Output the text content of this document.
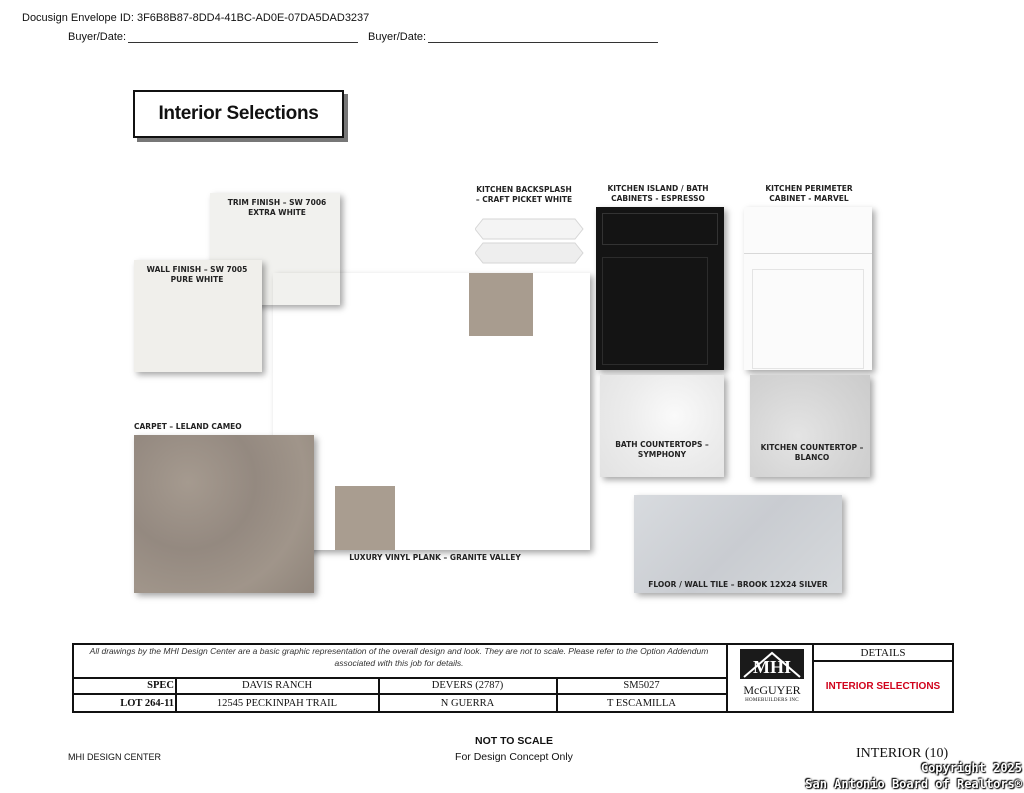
Docusign Envelope ID: 3F6B8B87-8DD4-41BC-AD0E-07DA5DAD3237
Buyer/Date:	Buyer/Date:
Interior Selections
TRIM FINISH – SW 7006 EXTRA WHITE
WALL FINISH – SW 7005 PURE WHITE
KITCHEN BACKSPLASH – CRAFT PICKET WHITE
KITCHEN ISLAND / BATH CABINETS - ESPRESSO
KITCHEN PERIMETER CABINET - MARVEL
CARPET – LELAND CAMEO
LUXURY VINYL PLANK – GRANITE VALLEY
BATH COUNTERTOPS – SYMPHONY
KITCHEN COUNTERTOP – BLANCO
FLOOR / WALL TILE – BROOK 12X24 SILVER
All drawings by the MHI Design Center are a basic graphic representation of the overall design and look. They are not to scale. Please refer to the Option Addendum associated with this job for details.
SPEC	DAVIS RANCH	DEVERS (2787)	SM5027
LOT 264-11	12545 PECKINPAH TRAIL	N GUERRA	T ESCAMILLA
MHI
McGUYER
HOMEBUILDERS INC
DETAILS
INTERIOR SELECTIONS
MHI DESIGN CENTER
NOT TO SCALE
For Design Concept Only	INTERIOR (10)
Copyright 2025
San Antonio Board of Realtors®
